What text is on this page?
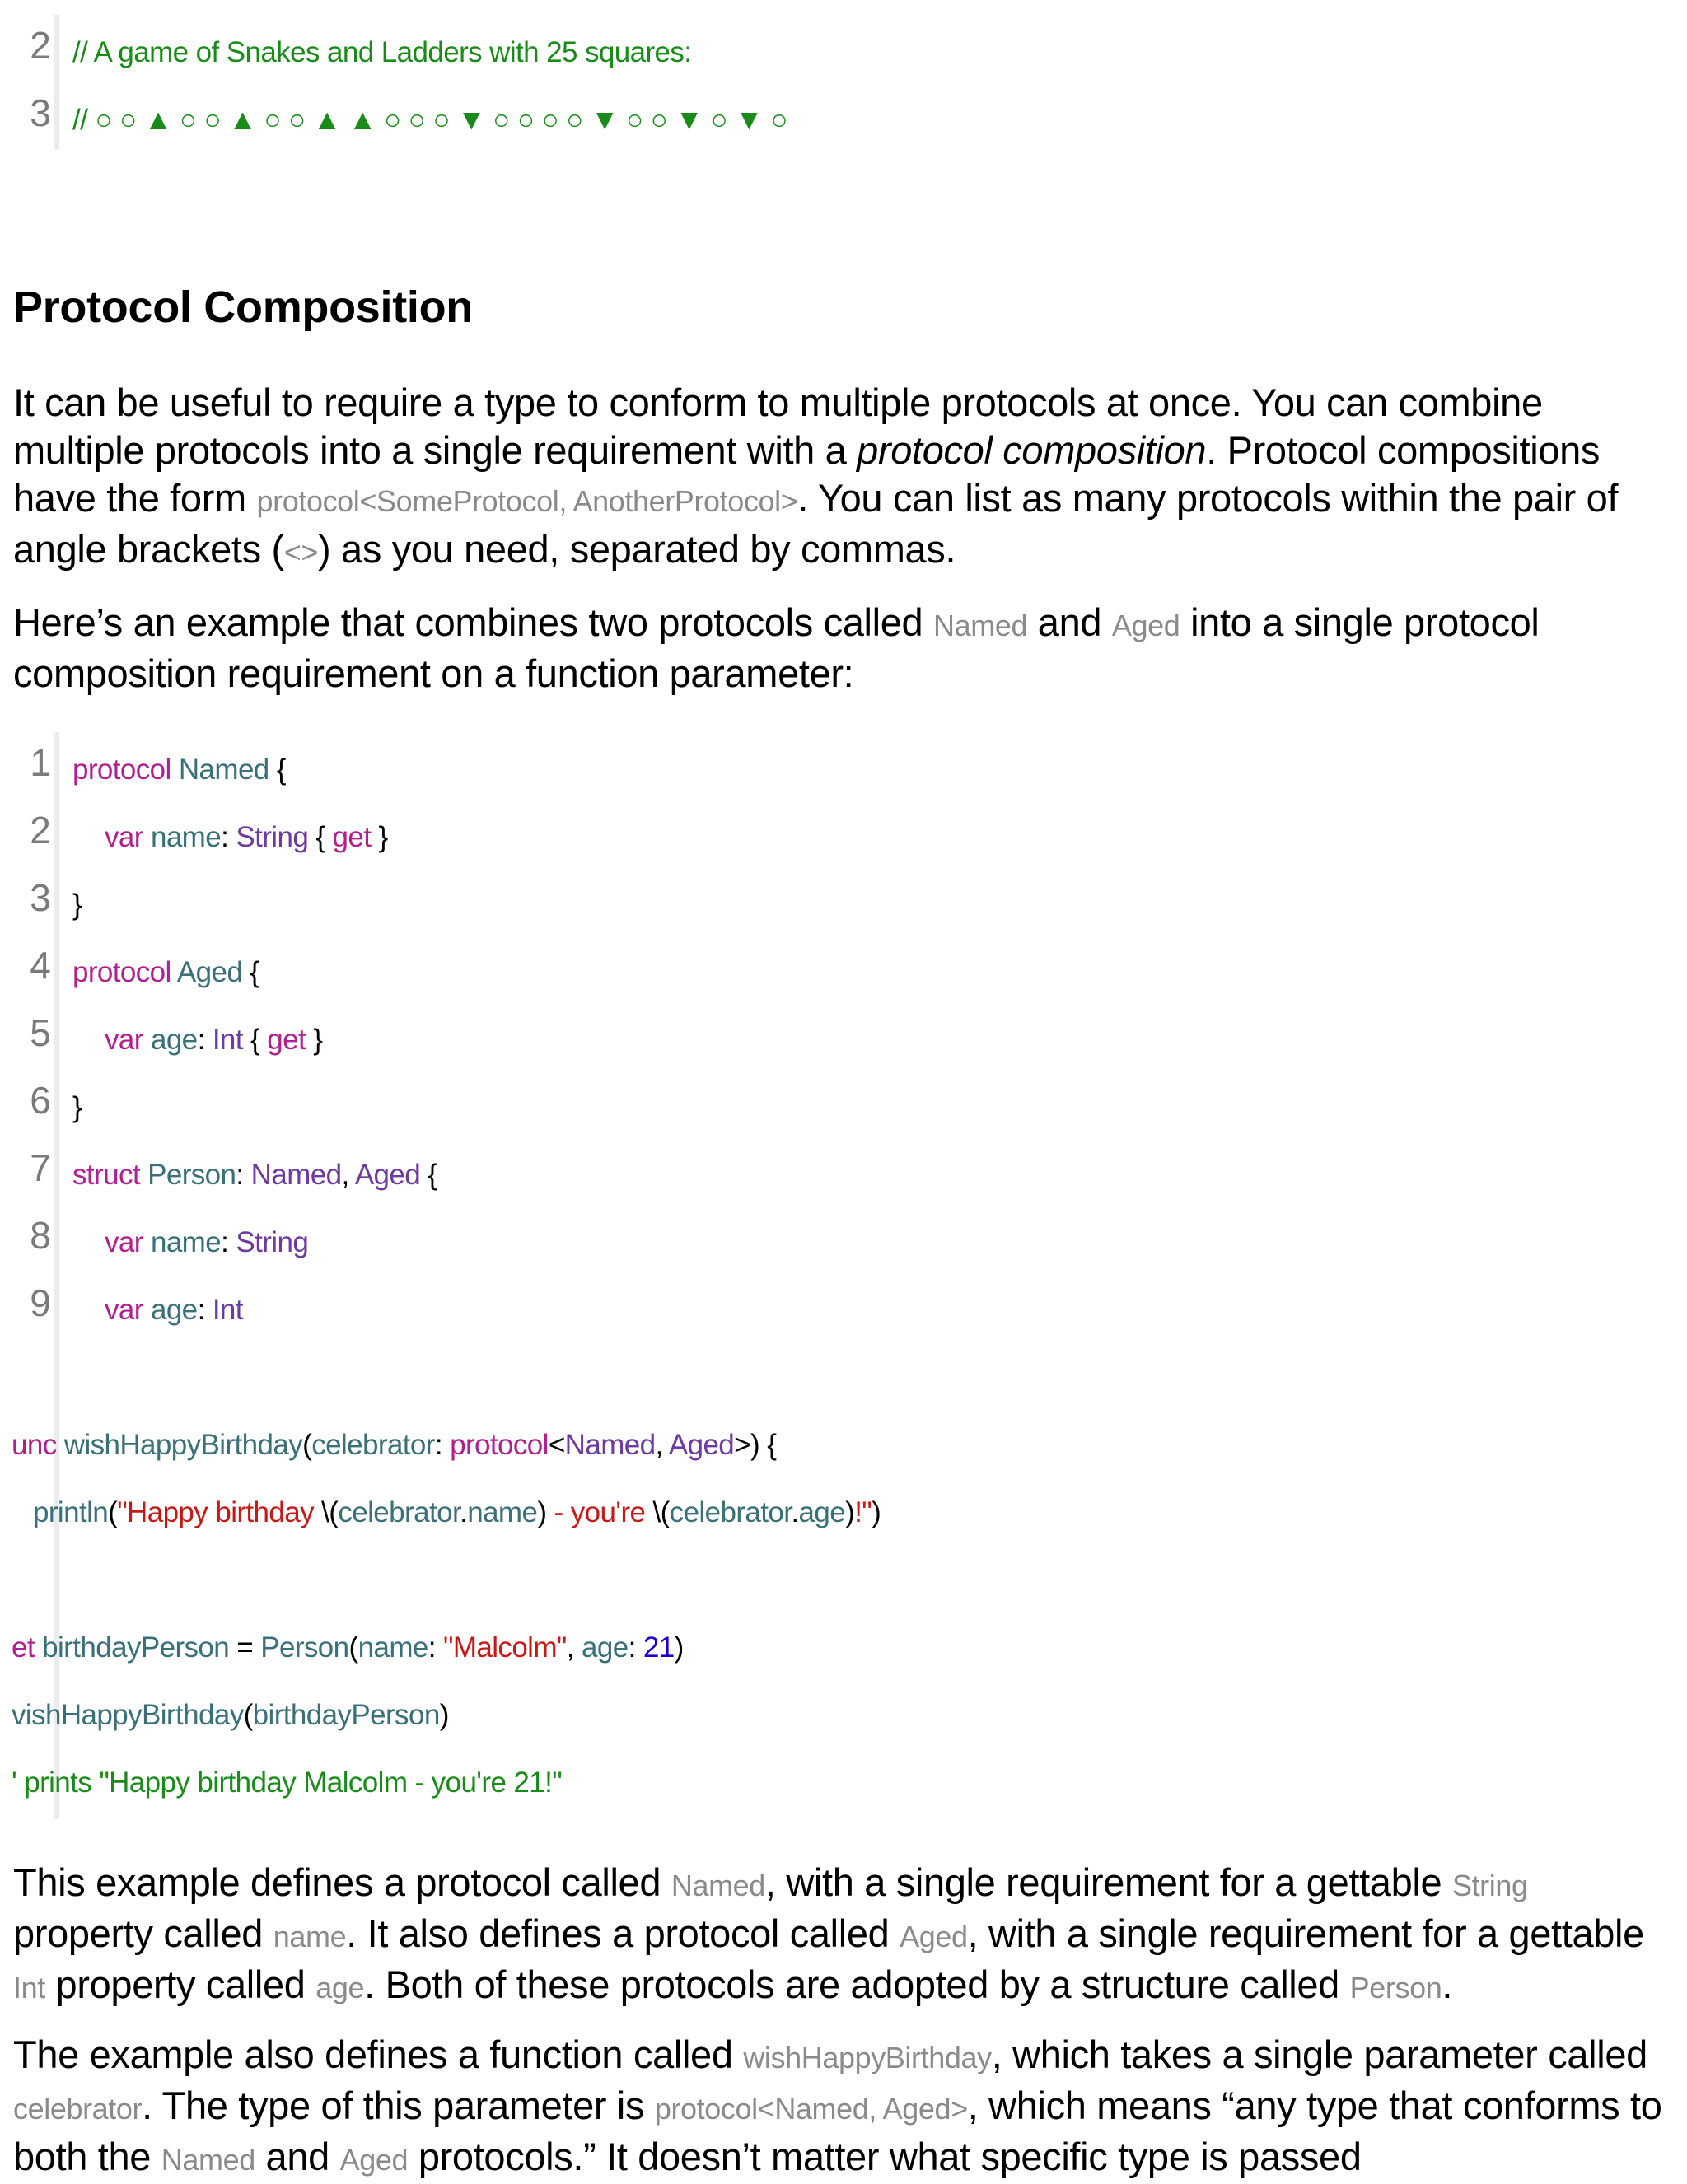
2

// A game of Snakes and Ladders with 25 squares:

3

// ○ ○ ▲ ○ ○ ▲ ○ ○ ▲ ▲ ○ ○ ○ ▼ ○ ○ ○ ○ ▼ ○ ○ ▼ ○ ▼ ○

Protocol Composition

It can be useful to require a type to conform to multiple protocols at once. You can combine multiple protocols into a single requirement with a protocol composition. Protocol compositions have the form protocol<SomeProtocol, AnotherProtocol>. You can list as many protocols within the pair of angle brackets (<>) as you need, separated by commas.

Here’s an example that combines two protocols called Named and Aged into a single protocol composition requirement on a function parameter:

1

protocol Named {

2

var name: String { get }

3

}

4

protocol Aged {

5

var age: Int { get }

6

}

7

struct Person: Named, Aged {

8

var name: String

9

var age: Int

unc wishHappyBirthday(celebrator: protocol<Named, Aged>) {

println("Happy birthday \(celebrator.name) - you're \(celebrator.age)!")

et birthdayPerson = Person(name: "Malcolm", age: 21)

vishHappyBirthday(birthdayPerson)

' prints "Happy birthday Malcolm - you're 21!"

This example defines a protocol called Named, with a single requirement for a gettable String property called name. It also defines a protocol called Aged, with a single requirement for a gettable Int property called age. Both of these protocols are adopted by a structure called Person.

The example also defines a function called wishHappyBirthday, which takes a single parameter called celebrator. The type of this parameter is protocol<Named, Aged>, which means “any type that conforms to both the Named and Aged protocols.” It doesn’t matter what specific type is passed
